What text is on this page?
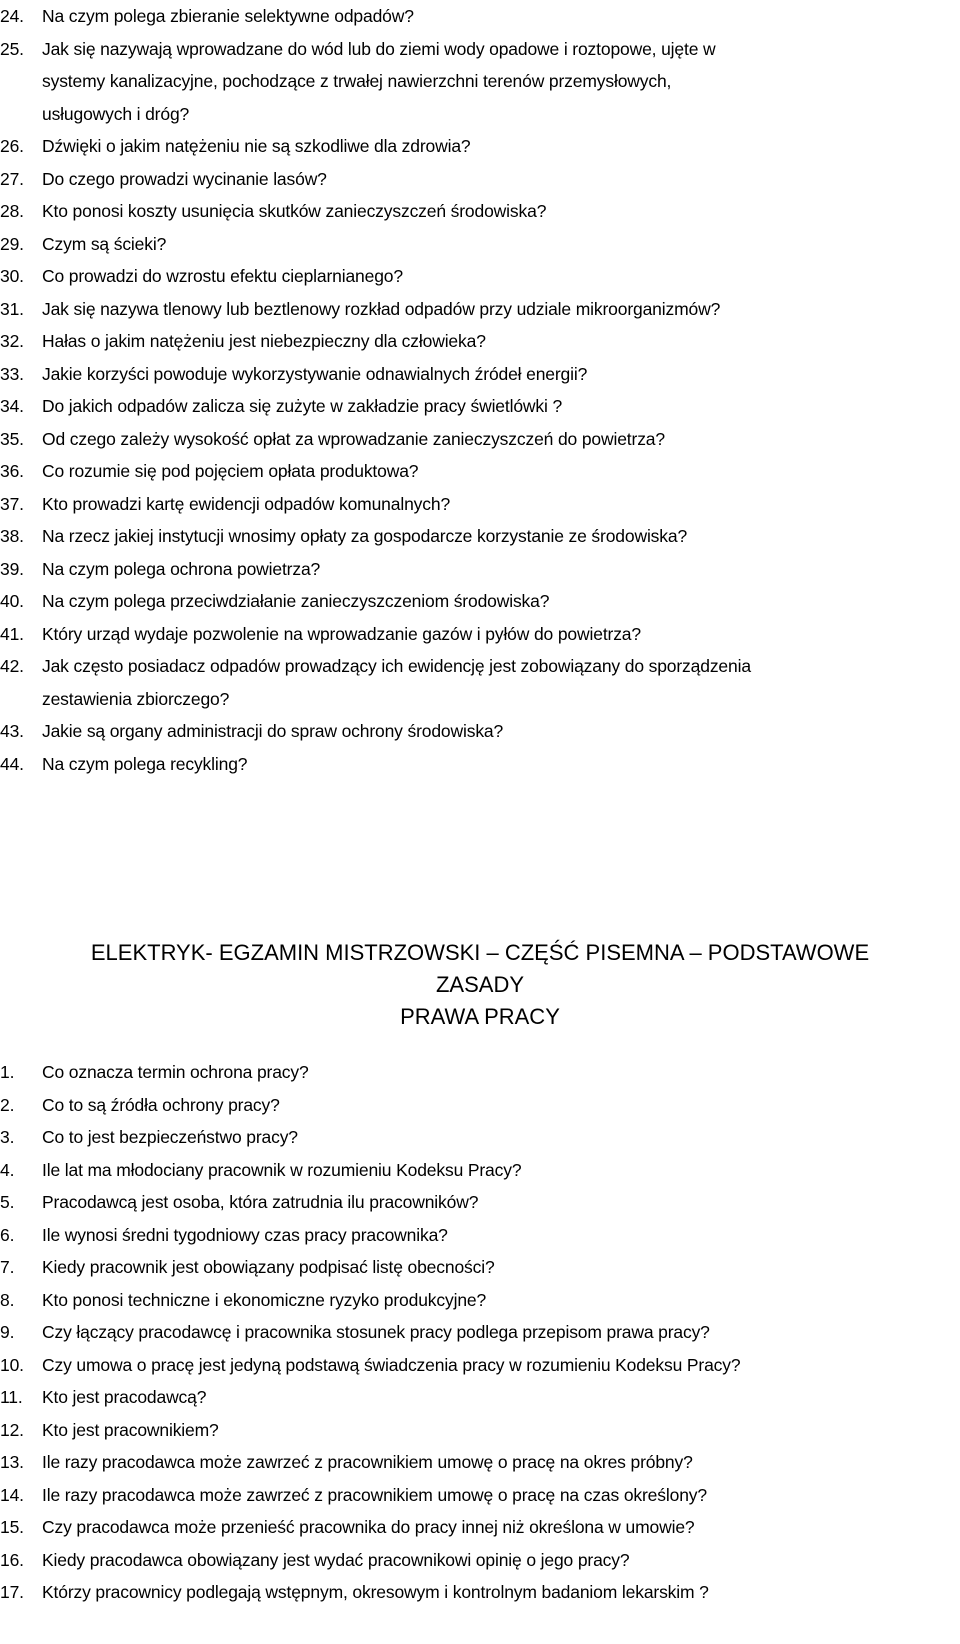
24. Na czym polega zbieranie selektywne odpadów?
25. Jak się nazywają wprowadzane do wód lub do ziemi wody opadowe i roztopowe, ujęte w
systemy kanalizacyjne, pochodzące z trwałej nawierzchni terenów przemysłowych,
usługowych i dróg?
26. Dźwięki o jakim natężeniu nie są szkodliwe dla zdrowia?
27. Do czego prowadzi wycinanie lasów?
28. Kto ponosi koszty usunięcia skutków zanieczyszczeń środowiska?
29. Czym są ścieki?
30. Co prowadzi do wzrostu efektu cieplarnianego?
31. Jak się nazywa tlenowy lub beztlenowy rozkład odpadów przy udziale mikroorganizmów?
32. Hałas o jakim natężeniu jest niebezpieczny dla człowieka?
33. Jakie korzyści powoduje wykorzystywanie odnawialnych źródeł energii?
34. Do jakich odpadów zalicza się zużyte w zakładzie pracy świetlówki ?
35. Od czego zależy wysokość opłat za wprowadzanie zanieczyszczeń do powietrza?
36. Co rozumie się pod pojęciem opłata produktowa?
37. Kto prowadzi kartę ewidencji odpadów komunalnych?
38. Na rzecz jakiej instytucji wnosimy opłaty za gospodarcze korzystanie ze środowiska?
39. Na czym polega ochrona powietrza?
40. Na czym polega przeciwdziałanie zanieczyszczeniom środowiska?
41. Który urząd wydaje pozwolenie na wprowadzanie gazów i pyłów do powietrza?
42. Jak często posiadacz odpadów prowadzący ich ewidencję jest zobowiązany do sporządzenia
zestawienia zbiorczego?
43. Jakie są organy administracji do spraw ochrony środowiska?
44. Na czym polega recykling?
ELEKTRYK- EGZAMIN MISTRZOWSKI – CZĘŚĆ PISEMNA – PODSTAWOWE
ZASADY
PRAWA PRACY
1. Co oznacza termin ochrona pracy?
2. Co to są źródła ochrony pracy?
3. Co to jest bezpieczeństwo pracy?
4. Ile lat ma młodociany pracownik w rozumieniu Kodeksu Pracy?
5. Pracodawcą jest osoba, która zatrudnia ilu pracowników?
6. Ile wynosi średni tygodniowy czas pracy pracownika?
7. Kiedy pracownik jest obowiązany podpisać listę obecności?
8. Kto ponosi techniczne i ekonomiczne ryzyko produkcyjne?
9. Czy łączący pracodawcę i pracownika stosunek pracy podlega przepisom prawa pracy?
10. Czy umowa o pracę jest jedyną podstawą świadczenia pracy w rozumieniu Kodeksu Pracy?
11. Kto jest pracodawcą?
12. Kto jest pracownikiem?
13. Ile razy pracodawca może zawrzeć z pracownikiem umowę o pracę na okres próbny?
14. Ile razy pracodawca może zawrzeć z pracownikiem umowę o pracę na czas określony?
15. Czy pracodawca może przenieść pracownika do pracy innej niż określona w umowie?
16. Kiedy pracodawca obowiązany jest wydać pracownikowi opinię o jego pracy?
17. Którzy pracownicy podlegają wstępnym, okresowym i kontrolnym badaniom lekarskim ?
